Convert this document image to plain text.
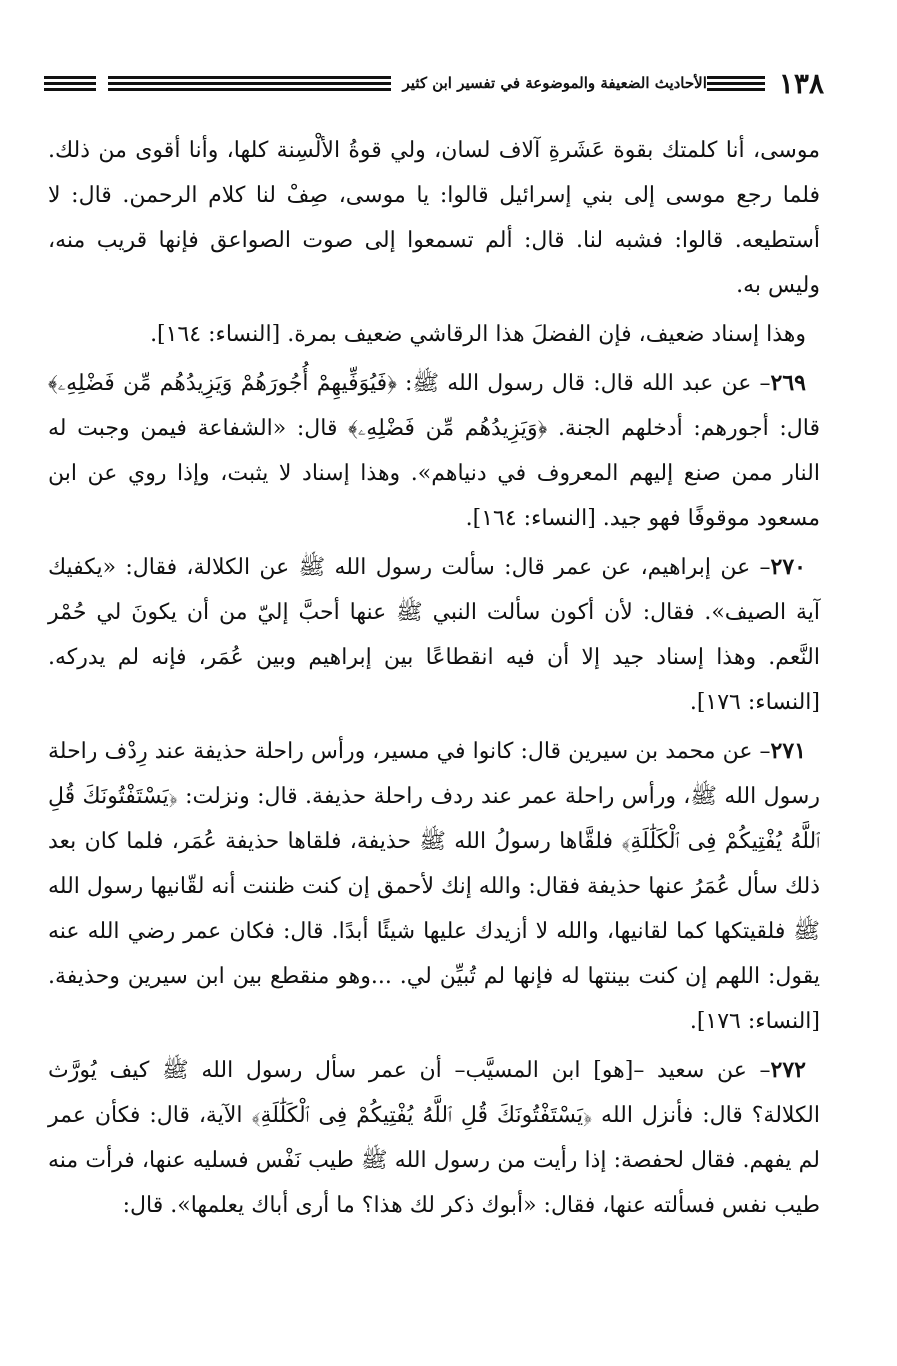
١٣٨
الأحاديث الضعيفة والموضوعة في تفسير ابن كثير

موسى، أنا كلمتك بقوة عَشَرةِ آلاف لسان، ولي قوةُ الألْسِنة كلها، وأنا أقوى من ذلك. فلما رجع موسى إلى بني إسرائيل قالوا: يا موسى، صِفْ لنا كلام الرحمن. قال: لا أستطيعه. قالوا: فشبه لنا. قال: ألم تسمعوا إلى صوت الصواعق فإنها قريب منه، وليس به.

وهذا إسناد ضعيف، فإن الفضلَ هذا الرقاشي ضعيف بمرة. [النساء: ١٦٤].

٢٦٩– عن عبد الله قال: قال رسول الله ﷺ: ﴿فَيُوَفِّيهِمْ أُجُورَهُمْ وَيَزِيدُهُم مِّن فَضْلِهِۦ﴾ قال: أجورهم: أدخلهم الجنة. ﴿وَيَزِيدُهُم مِّن فَضْلِهِۦ﴾ قال: «الشفاعة فيمن وجبت له النار ممن صنع إليهم المعروف في دنياهم». وهذا إسناد لا يثبت، وإذا روي عن ابن مسعود موقوفًا فهو جيد. [النساء: ١٦٤].

٢٧٠– عن إبراهيم، عن عمر قال: سألت رسول الله ﷺ عن الكلالة، فقال: «يكفيك آية الصيف». فقال: لأن أكون سألت النبي ﷺ عنها أحبَّ إليّ من أن يكونَ لي حُمْر النَّعم. وهذا إسناد جيد إلا أن فيه انقطاعًا بين إبراهيم وبين عُمَر، فإنه لم يدركه. [النساء: ١٧٦].

٢٧١– عن محمد بن سيرين قال: كانوا في مسير، ورأس راحلة حذيفة عند رِدْف راحلة رسول الله ﷺ، ورأس راحلة عمر عند ردف راحلة حذيفة. قال: ونزلت: ﴿يَسْتَفْتُونَكَ قُلِ ٱللَّهُ يُفْتِيكُمْ فِى ٱلْكَلَٰلَةِ﴾ فلقَّاها رسولُ الله ﷺ حذيفة، فلقاها حذيفة عُمَر، فلما كان بعد ذلك سأل عُمَرُ عنها حذيفة فقال: والله إنك لأحمق إن كنت ظننت أنه لقّانيها رسول الله ﷺ فلقيتكها كما لقانيها، والله لا أزيدك عليها شيئًا أبدًا. قال: فكان عمر رضي الله عنه يقول: اللهم إن كنت بينتها له فإنها لم تُبيِّن لي. ...وهو منقطع بين ابن سيرين وحذيفة. [النساء: ١٧٦].

٢٧٢– عن سعيد –[هو] ابن المسيَّب– أن عمر سأل رسول الله ﷺ كيف يُورَّث الكلالة؟ قال: فأنزل الله ﴿يَسْتَفْتُونَكَ قُلِ ٱللَّهُ يُفْتِيكُمْ فِى ٱلْكَلَٰلَةِ﴾ الآية، قال: فكأن عمر لم يفهم. فقال لحفصة: إذا رأيت من رسول الله ﷺ طيب نَفْس فسليه عنها، فرأت منه طيب نفس فسألته عنها، فقال: «أبوك ذكر لك هذا؟ ما أرى أباك يعلمها». قال:
